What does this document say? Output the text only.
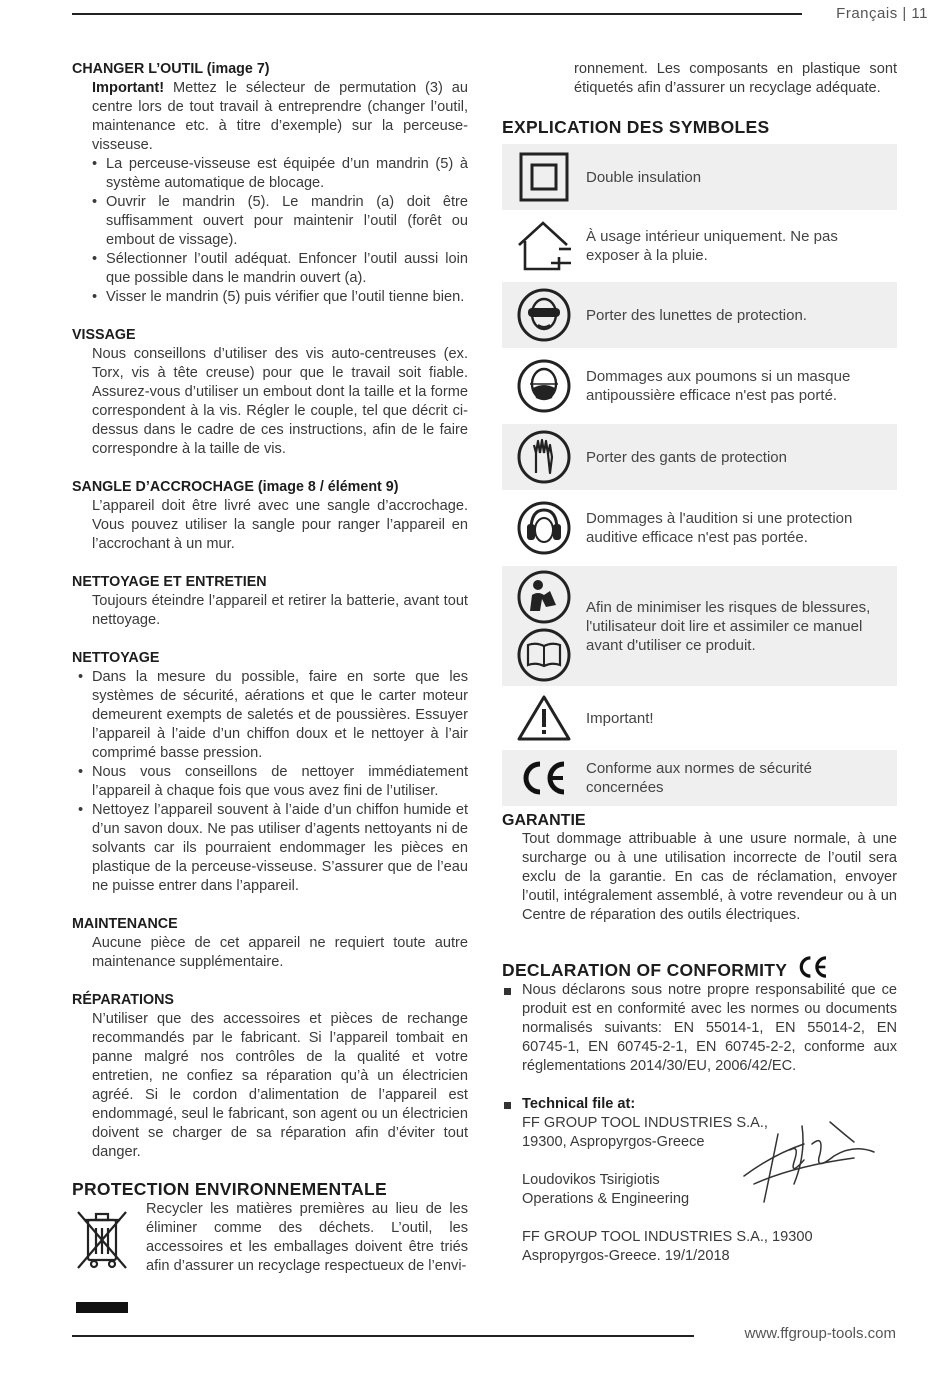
Français | 11
CHANGER L’OUTIL (image 7)

Important! Mettez le sélecteur de permutation (3) au centre lors de tout travail à entreprendre (changer l’outil, maintenance etc. à titre d’exemple) sur la perceuse-visseuse.

• La perceuse-visseuse est équipée d’un mandrin (5) à système automatique de blocage.
• Ouvrir le mandrin (5). Le mandrin (a) doit être suffisamment ouvert pour maintenir l’outil (forêt ou embout de vissage).
• Sélectionner l’outil adéquat. Enfoncer l’outil aussi loin que possible dans le mandrin ouvert (a).
• Visser le mandrin (5) puis vérifier que l’outil tienne bien.
VISSAGE

Nous conseillons d’utiliser des vis auto-centreuses (ex. Torx, vis à tête creuse) pour que le travail soit fiable. Assurez-vous d’utiliser un embout dont la taille et la forme correspondent à la vis. Régler le couple, tel que décrit ci-dessus dans le cadre de ces instructions, afin de le faire correspondre à la taille de vis.

SANGLE D’ACCROCHAGE (image 8 / élément 9)

L’appareil doit être livré avec une sangle d’accrochage. Vous pouvez utiliser la sangle pour ranger l’appareil en l’accrochant à un mur.

NETTOYAGE ET ENTRETIEN

Toujours éteindre l’appareil et retirer la batterie, avant tout nettoyage.

NETTOYAGE
• Dans la mesure du possible, faire en sorte que les systèmes de sécurité, aérations et que le carter moteur demeurent exempts de saletés et de poussières. Essuyer l’appareil à l’aide d’un chiffon doux et le nettoyer à l’air comprimé basse pression.
• Nous vous conseillons de nettoyer immédiatement l’appareil à chaque fois que vous avez fini de l’utiliser.
• Nettoyez l’appareil souvent à l’aide d’un chiffon humide et d’un savon doux. Ne pas utiliser d’agents nettoyants ni de solvants car ils pourraient endommager les pièces en plastique de la perceuse-visseuse. S’assurer que de l’eau ne puisse entrer dans l’appareil.
MAINTENANCE

Aucune pièce de cet appareil ne requiert toute autre maintenance supplémentaire.

RÉPARATIONS

N’utiliser que des accessoires et pièces de rechange recommandés par le fabricant. Si l’appareil tombait en panne malgré nos contrôles de la qualité et votre entretien, ne confiez sa réparation qu’à un électricien agréé. Si le cordon d’alimentation de l’appareil est endommagé, seul le fabricant, son agent ou un électricien doivent se charger de sa réparation afin d’éviter tout danger.

PROTECTION ENVIRONNEMENTALE

Recycler les matières premières au lieu de les éliminer comme des déchets. L’outil, les accessoires et les emballages doivent être triés afin d’assurer un recyclage respectueux de l’envi-

ronnement. Les composants en plastique sont étiquetés afin d’assurer un recyclage adéquate.

EXPLICATION DES SYMBOLES
Double insulation
À usage intérieur uniquement. Ne pas exposer à la pluie.
Porter des lunettes de protection.
Dommages aux poumons si un masque antipoussière efficace n'est pas porté.
Porter des gants de protection
Dommages à l'audition si une protection auditive efficace n'est pas portée.
Afin de minimiser les risques de blessures, l'utilisateur doit lire et assimiler ce manuel avant d'utiliser ce produit.
Important!
Conforme aux normes de sécurité concernées
GARANTIE

Tout dommage attribuable à une usure normale, à une surcharge ou à une utilisation incorrecte de l’outil sera exclu de la garantie. En cas de réclamation, envoyer l’outil, intégralement assemblé, à votre revendeur ou à un Centre de réparation des outils électriques.

DECLARATION OF CONFORMITY
Nous déclarons sous notre propre responsabilité que ce produit est en conformité avec les normes ou documents normalisés suivants: EN 55014-1, EN 55014-2, EN 60745-1, EN 60745-2-1, EN 60745-2-2, conforme aux réglementations 2014/30/EU, 2006/42/EC.
Technical file at:
FF GROUP TOOL INDUSTRIES S.A.,
19300, Aspropyrgos-Greece
Loudovikos Tsirigiotis
Operations & Engineering
FF GROUP TOOL INDUSTRIES S.A., 19300
Aspropyrgos-Greece. 19/1/2018
www.ffgroup-tools.com
